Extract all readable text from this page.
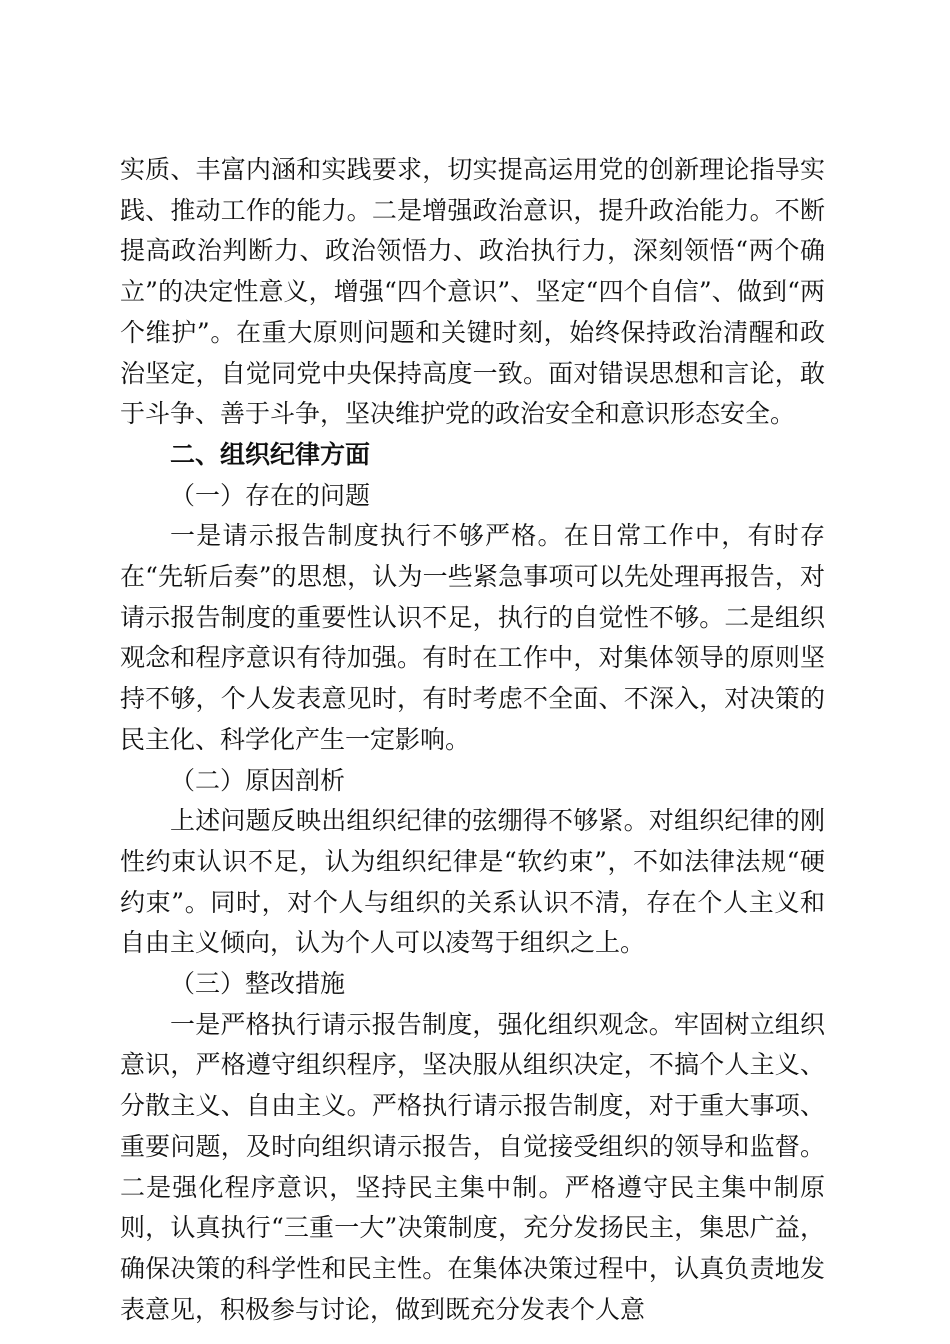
实质、丰富内涵和实践要求，切实提高运用党的创新理论指导实践、推动工作的能力。二是增强政治意识，提升政治能力。不断提高政治判断力、政治领悟力、政治执行力，深刻领悟“两个确立”的决定性意义，增强“四个意识”、坚定“四个自信”、做到“两个维护”。在重大原则问题和关键时刻，始终保持政治清醒和政治坚定，自觉同党中央保持高度一致。面对错误思想和言论，敢于斗争、善于斗争，坚决维护党的政治安全和意识形态安全。

二、组织纪律方面

（一）存在的问题

一是请示报告制度执行不够严格。在日常工作中，有时存在“先斩后奏”的思想，认为一些紧急事项可以先处理再报告，对请示报告制度的重要性认识不足，执行的自觉性不够。二是组织观念和程序意识有待加强。有时在工作中，对集体领导的原则坚持不够，个人发表意见时，有时考虑不全面、不深入，对决策的民主化、科学化产生一定影响。

（二）原因剖析

上述问题反映出组织纪律的弦绷得不够紧。对组织纪律的刚性约束认识不足，认为组织纪律是“软约束”，不如法律法规“硬约束”。同时，对个人与组织的关系认识不清，存在个人主义和自由主义倾向，认为个人可以凌驾于组织之上。

（三）整改措施

一是严格执行请示报告制度，强化组织观念。牢固树立组织意识，严格遵守组织程序，坚决服从组织决定，不搞个人主义、分散主义、自由主义。严格执行请示报告制度，对于重大事项、重要问题，及时向组织请示报告，自觉接受组织的领导和监督。二是强化程序意识，坚持民主集中制。严格遵守民主集中制原则，认真执行“三重一大”决策制度，充分发扬民主，集思广益，确保决策的科学性和民主性。在集体决策过程中，认真负责地发表意见，积极参与讨论，做到既充分发表个人意
